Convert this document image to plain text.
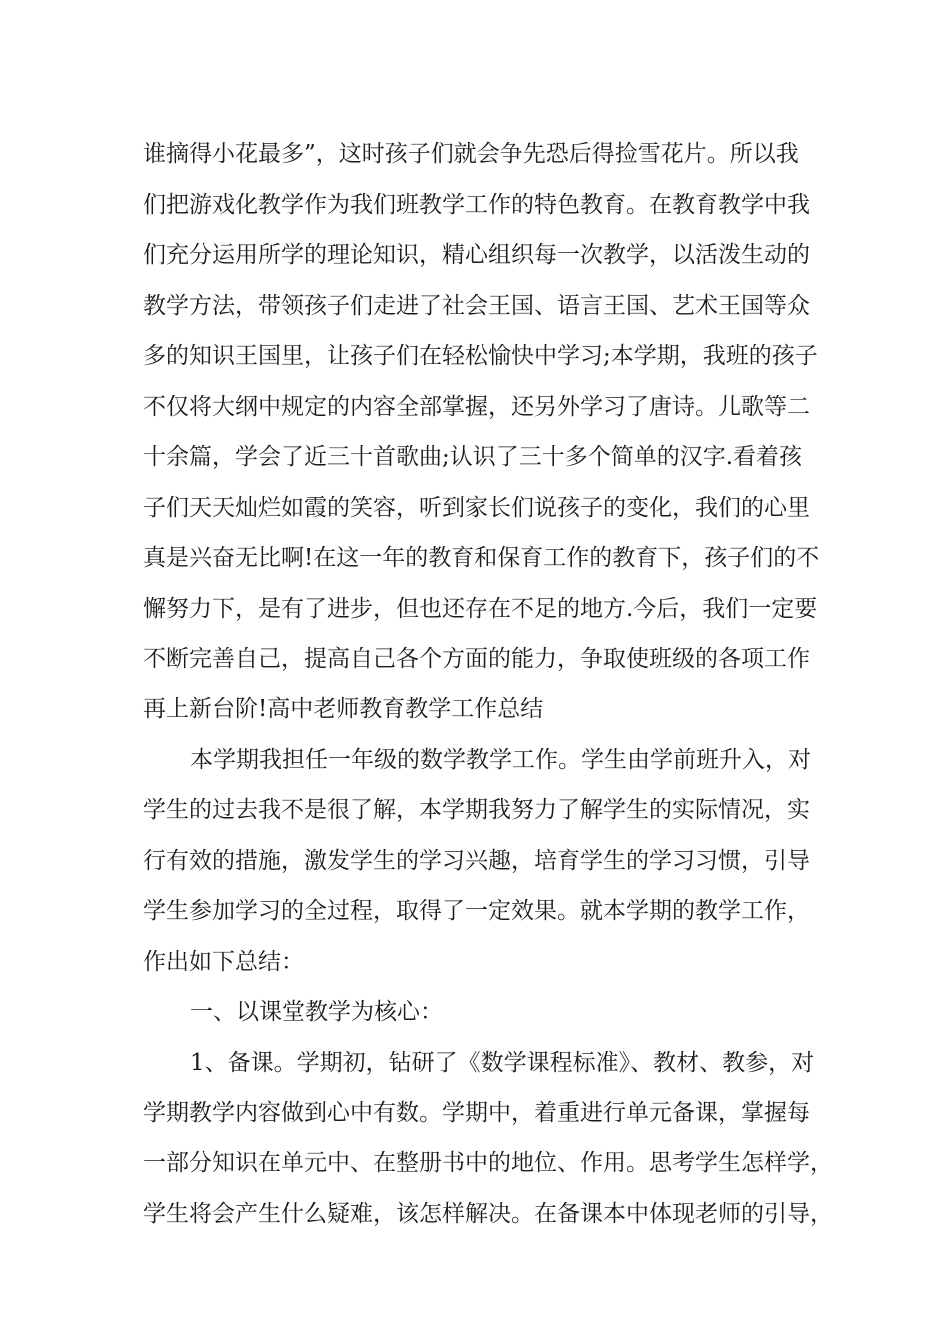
谁摘得小花最多”，这时孩子们就会争先恐后得捡雪花片。所以我
们把游戏化教学作为我们班教学工作的特色教育。在教育教学中我
们充分运用所学的理论知识，精心组织每一次教学，以活泼生动的
教学方法，带领孩子们走进了社会王国、语言王国、艺术王国等众
多的知识王国里，让孩子们在轻松愉快中学习;本学期，我班的孩子
不仅将大纲中规定的内容全部掌握，还另外学习了唐诗。儿歌等二
十余篇，学会了近三十首歌曲;认识了三十多个简单的汉字.看着孩
子们天天灿烂如霞的笑容，听到家长们说孩子的变化，我们的心里
真是兴奋无比啊!在这一年的教育和保育工作的教育下，孩子们的不
懈努力下，是有了进步，但也还存在不足的地方.今后，我们一定要
不断完善自己，提高自己各个方面的能力，争取使班级的各项工作
再上新台阶!高中老师教育教学工作总结
本学期我担任一年级的数学教学工作。学生由学前班升入，对
学生的过去我不是很了解，本学期我努力了解学生的实际情况，实
行有效的措施，激发学生的学习兴趣，培育学生的学习习惯，引导
学生参加学习的全过程，取得了一定效果。就本学期的教学工作，
作出如下总结：
一、以课堂教学为核心：
1、备课。学期初，钻研了《数学课程标准》、教材、教参，对
学期教学内容做到心中有数。学期中，着重进行单元备课，掌握每
一部分知识在单元中、在整册书中的地位、作用。思考学生怎样学，
学生将会产生什么疑难，该怎样解决。在备课本中体现老师的引导，
